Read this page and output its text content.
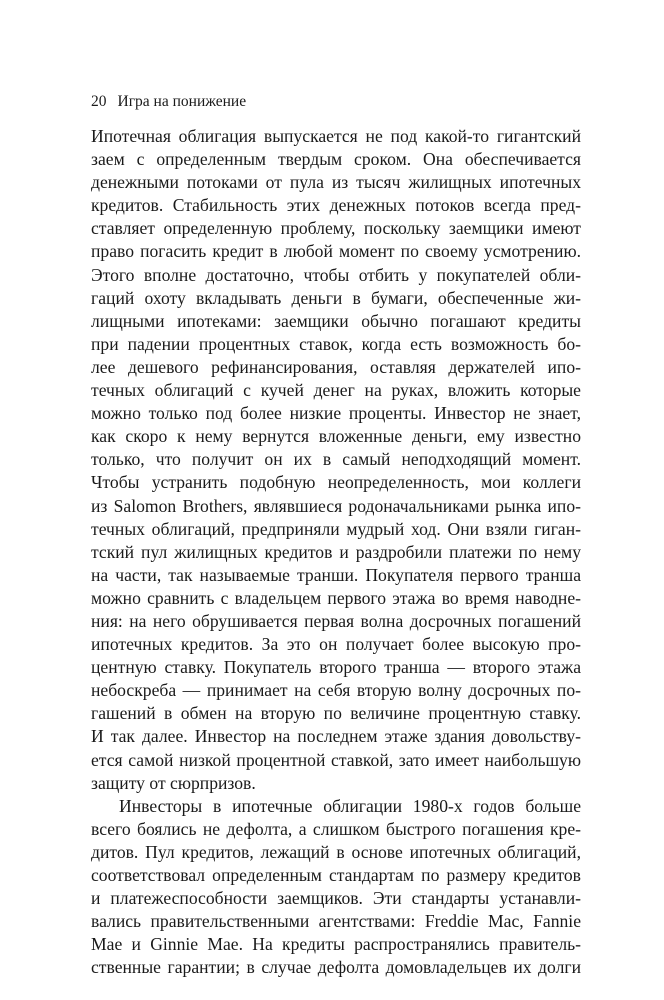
20 Игра на понижение
Ипотечная облигация выпускается не под какой-то гигантский
заем с определенным твердым сроком. Она обеспечивается
денежными потоками от пула из тысяч жилищных ипотечных
кредитов. Стабильность этих денежных потоков всегда пред-
ставляет определенную проблему, поскольку заемщики имеют
право погасить кредит в любой момент по своему усмотрению.
Этого вполне достаточно, чтобы отбить у покупателей обли-
гаций охоту вкладывать деньги в бумаги, обеспеченные жи-
лищными ипотеками: заемщики обычно погашают кредиты
при падении процентных ставок, когда есть возможность бо-
лее дешевого рефинансирования, оставляя держателей ипо-
течных облигаций с кучей денег на руках, вложить которые
можно только под более низкие проценты. Инвестор не знает,
как скоро к нему вернутся вложенные деньги, ему известно
только, что получит он их в самый неподходящий момент.
Чтобы устранить подобную неопределенность, мои коллеги
из Salomon Brothers, являвшиеся родоначальниками рынка ипо-
течных облигаций, предприняли мудрый ход. Они взяли гиган-
тский пул жилищных кредитов и раздробили платежи по нему
на части, так называемые транши. Покупателя первого транша
можно сравнить с владельцем первого этажа во время наводне-
ния: на него обрушивается первая волна досрочных погашений
ипотечных кредитов. За это он получает более высокую про-
центную ставку. Покупатель второго транша — второго этажа
небоскреба — принимает на себя вторую волну досрочных по-
гашений в обмен на вторую по величине процентную ставку.
И так далее. Инвестор на последнем этаже здания довольству-
ется самой низкой процентной ставкой, зато имеет наибольшую
защиту от сюрпризов.
Инвесторы в ипотечные облигации 1980-х годов больше
всего боялись не дефолта, а слишком быстрого погашения кре-
дитов. Пул кредитов, лежащий в основе ипотечных облигаций,
соответствовал определенным стандартам по размеру кредитов
и платежеспособности заемщиков. Эти стандарты устанавли-
вались правительственными агентствами: Freddie Mac, Fannie
Mae и Ginnie Mae. На кредиты распространялись правитель-
ственные гарантии; в случае дефолта домовладельцев их долги
